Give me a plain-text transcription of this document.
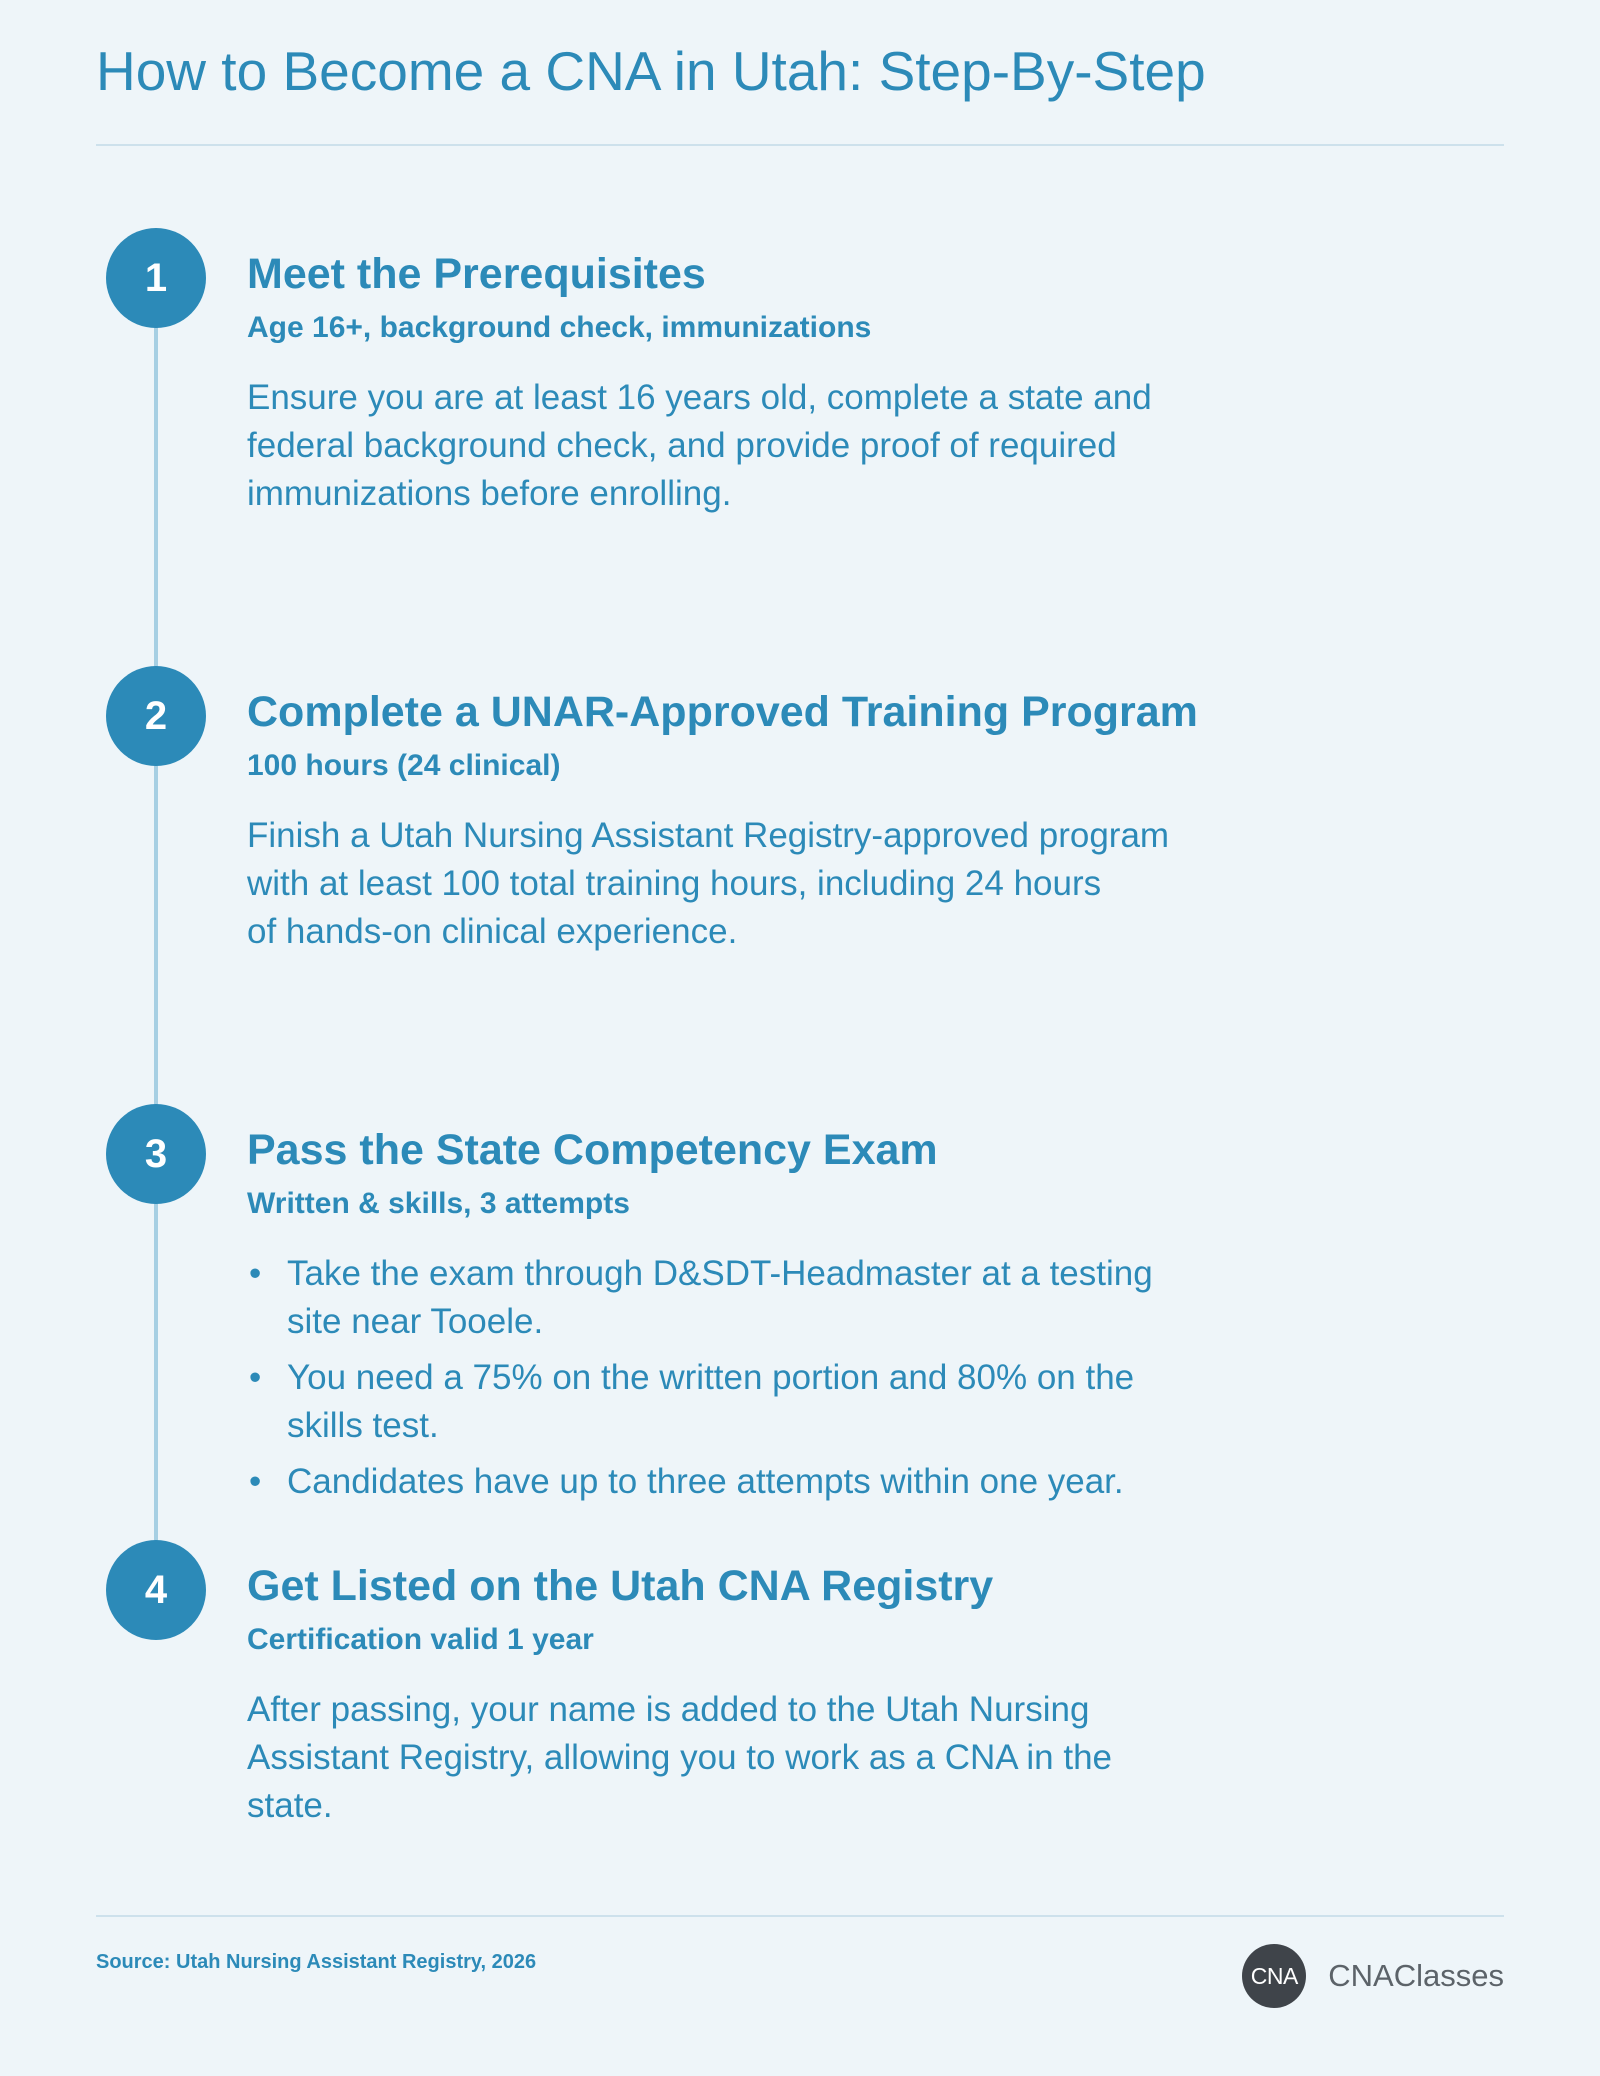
How to Become a CNA in Utah: Step-By-Step
1	Meet the Prerequisites
Age 16+, background check, immunizations
Ensure you are at least 16 years old, complete a state and
federal background check, and provide proof of required
immunizations before enrolling.
2	Complete a UNAR-Approved Training Program
100 hours (24 clinical)
Finish a Utah Nursing Assistant Registry-approved program
with at least 100 total training hours, including 24 hours
of hands-on clinical experience.
3	Pass the State Competency Exam
Written & skills, 3 attempts
• Take the exam through D&SDT-Headmaster at a testing
site near Tooele.
• You need a 75% on the written portion and 80% on the
skills test.
• Candidates have up to three attempts within one year.
4	Get Listed on the Utah CNA Registry
Certification valid 1 year
After passing, your name is added to the Utah Nursing
Assistant Registry, allowing you to work as a CNA in the
state.
Source: Utah Nursing Assistant Registry, 2026
CNA CNAClasses
